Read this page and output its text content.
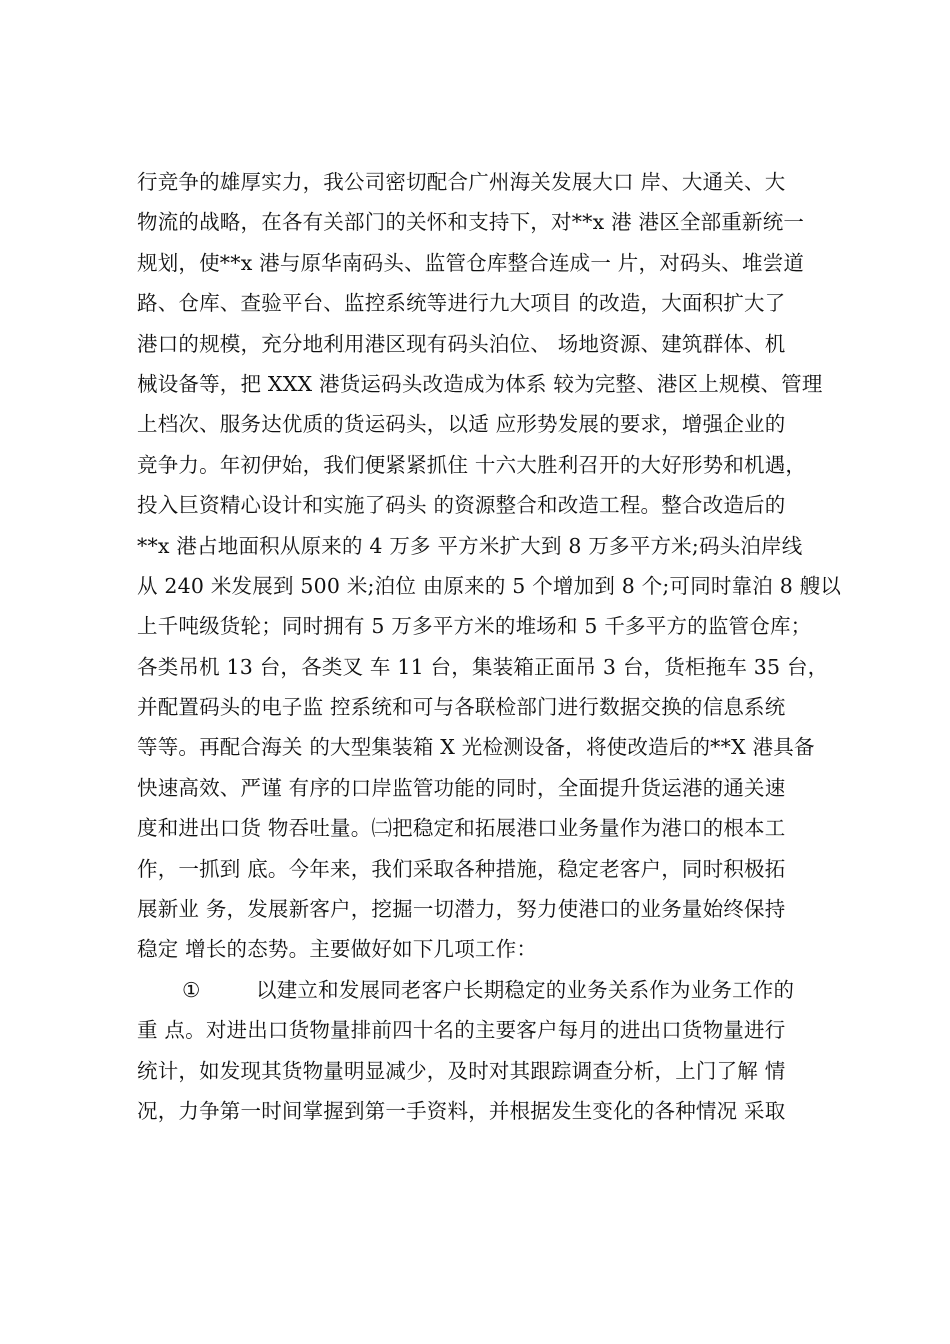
行竞争的雄厚实力，我公司密切配合广州海关发展大口 岸、大通关、大
物流的战略，在各有关部门的关怀和支持下，对**x 港 港区全部重新统一
规划，使**x 港与原华南码头、监管仓库整合连成一 片，对码头、堆尝道
路、仓库、查验平台、监控系统等进行九大项目 的改造，大面积扩大了
港口的规模，充分地利用港区现有码头泊位、 场地资源、建筑群体、机
械设备等，把 XXX 港货运码头改造成为体系 较为完整、港区上规模、管理
上档次、服务达优质的货运码头，以适 应形势发展的要求，增强企业的
竞争力。年初伊始，我们便紧紧抓住 十六大胜利召开的大好形势和机遇，
投入巨资精心设计和实施了码头 的资源整合和改造工程。整合改造后的
**x 港占地面积从原来的 4 万多 平方米扩大到 8 万多平方米;码头泊岸线
从 240 米发展到 500 米;泊位 由原来的 5 个增加到 8 个;可同时靠泊 8 艘以
上千吨级货轮；同时拥有 5 万多平方米的堆场和 5 千多平方的监管仓库；
各类吊机 13 台，各类叉 车 11 台，集装箱正面吊 3 台，货柜拖车 35 台，
并配置码头的电子监 控系统和可与各联检部门进行数据交换的信息系统
等等。再配合海关 的大型集装箱 X 光检测设备，将使改造后的**X 港具备
快速高效、严谨 有序的口岸监管功能的同时，全面提升货运港的通关速
度和进出口货 物吞吐量。㈡把稳定和拓展港口业务量作为港口的根本工
作，一抓到 底。今年来，我们采取各种措施，稳定老客户，同时积极拓
展新业 务，发展新客户，挖掘一切潜力，努力使港口的业务量始终保持
稳定 增长的态势。主要做好如下几项工作：
①	以建立和发展同老客户长期稳定的业务关系作为业务工作的
重 点。对进出口货物量排前四十名的主要客户每月的进出口货物量进行
统计，如发现其货物量明显减少，及时对其跟踪调查分析，上门了解 情
况，力争第一时间掌握到第一手资料，并根据发生变化的各种情况 采取
